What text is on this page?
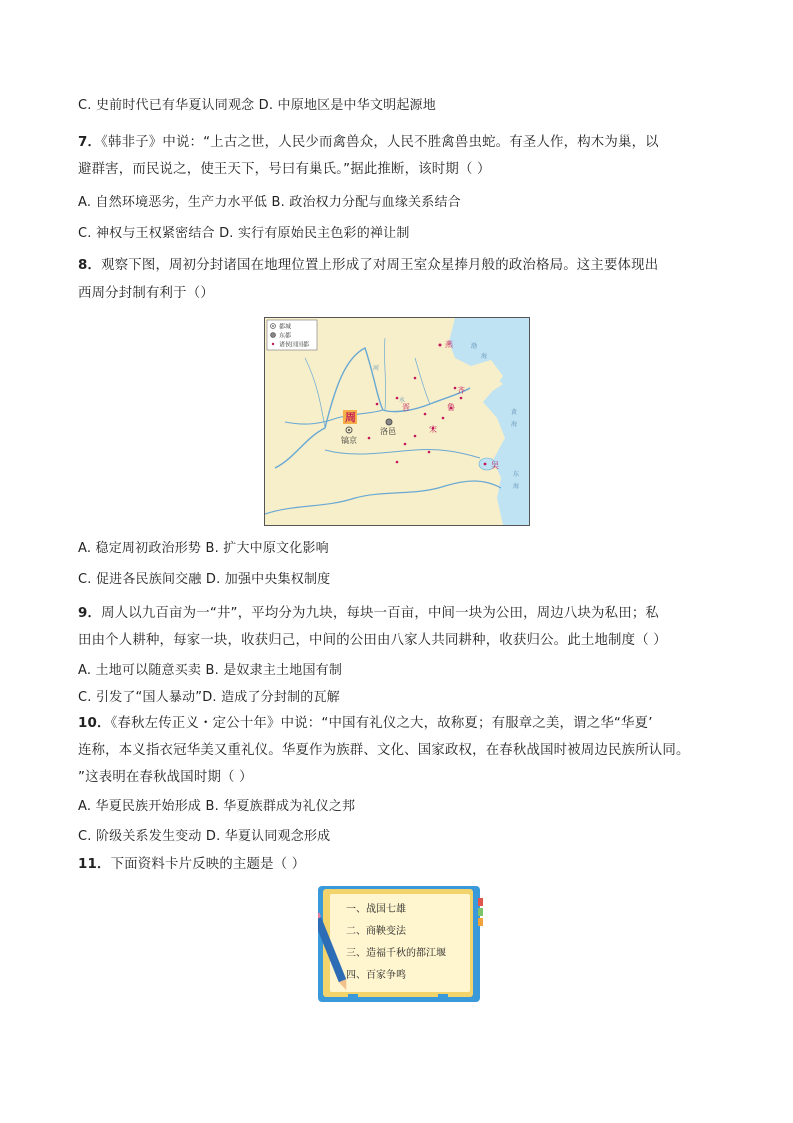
C. 史前时代已有华夏认同观念 D. 中原地区是中华文明起源地
7．《韩非子》中说：“上古之世，人民少而禽兽众，人民不胜禽兽虫蛇。有圣人作，构木为巢，以
避群害，而民说之，使王天下，号曰有巢氏。”据此推断，该时期（ ）
A. 自然环境恶劣，生产力水平低 B. 政治权力分配与血缘关系结合
C. 神权与王权紧密结合 D. 实行有原始民主色彩的禅让制
8．观察下图，周初分封诸国在地理位置上形成了对周王室众星捧月般的政治格局。这主要体现出
西周分封制有利于（）
都城
东都
诸侯国国都	渤
海
黄
海
东
海
河
水
周
镐京
洛邑
燕
齐
晋	鲁
宋
吴
A. 稳定周初政治形势 B. 扩大中原文化影响
C. 促进各民族间交融 D. 加强中央集权制度
9．周人以九百亩为一“井”，平均分为九块，每块一百亩，中间一块为公田，周边八块为私田；私
田由个人耕种，每家一块，收获归己，中间的公田由八家人共同耕种，收获归公。此土地制度（ ）
A. 土地可以随意买卖 B. 是奴隶主土地国有制
C. 引发了“国人暴动”D. 造成了分封制的瓦解
10．《春秋左传正义・定公十年》中说：“中国有礼仪之大，故称夏；有服章之美，谓之华“华夏’
连称，本义指衣冠华美又重礼仪。华夏作为族群、文化、国家政权，在春秋战国时被周边民族所认同。
”这表明在春秋战国时期（ ）
A. 华夏民族开始形成 B. 华夏族群成为礼仪之邦
C. 阶级关系发生变动 D. 华夏认同观念形成
11．下面资料卡片反映的主题是（ ）
一、战国七雄
二、商鞅变法
三、造福千秋的都江堰
四、百家争鸣
